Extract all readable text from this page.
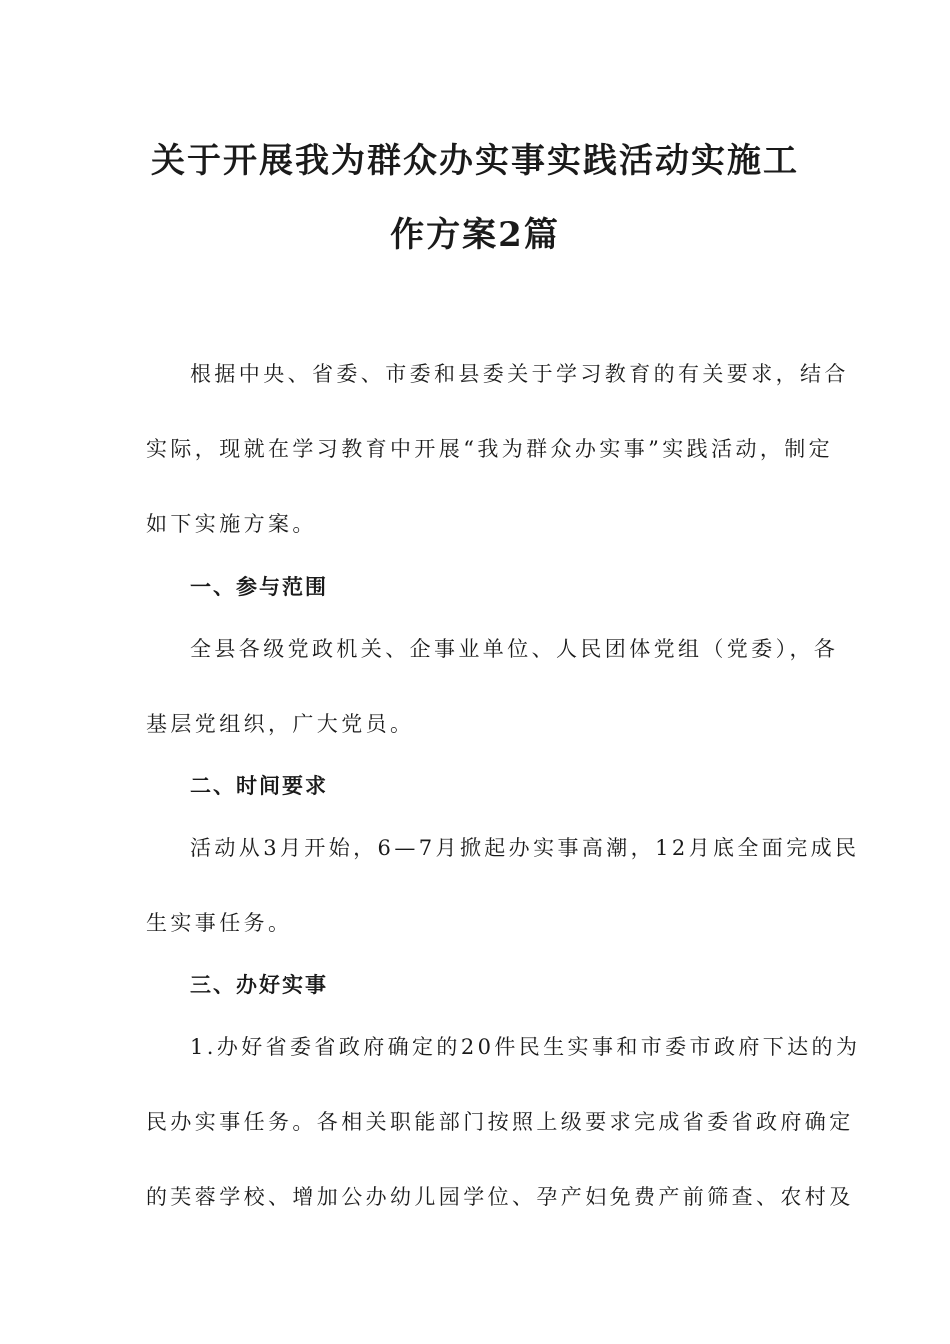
关于开展我为群众办实事实践活动实施工
作方案2篇
根据中央、省委、市委和县委关于学习教育的有关要求，结合
实际，现就在学习教育中开展“我为群众办实事”实践活动，制定
如下实施方案。
一、参与范围
全县各级党政机关、企事业单位、人民团体党组（党委），各
基层党组织，广大党员。
二、时间要求
活动从3月开始，6—7月掀起办实事高潮，12月底全面完成民
生实事任务。
三、办好实事
1.办好省委省政府确定的20件民生实事和市委市政府下达的为
民办实事任务。各相关职能部门按照上级要求完成省委省政府确定
的芙蓉学校、增加公办幼儿园学位、孕产妇免费产前筛查、农村及
